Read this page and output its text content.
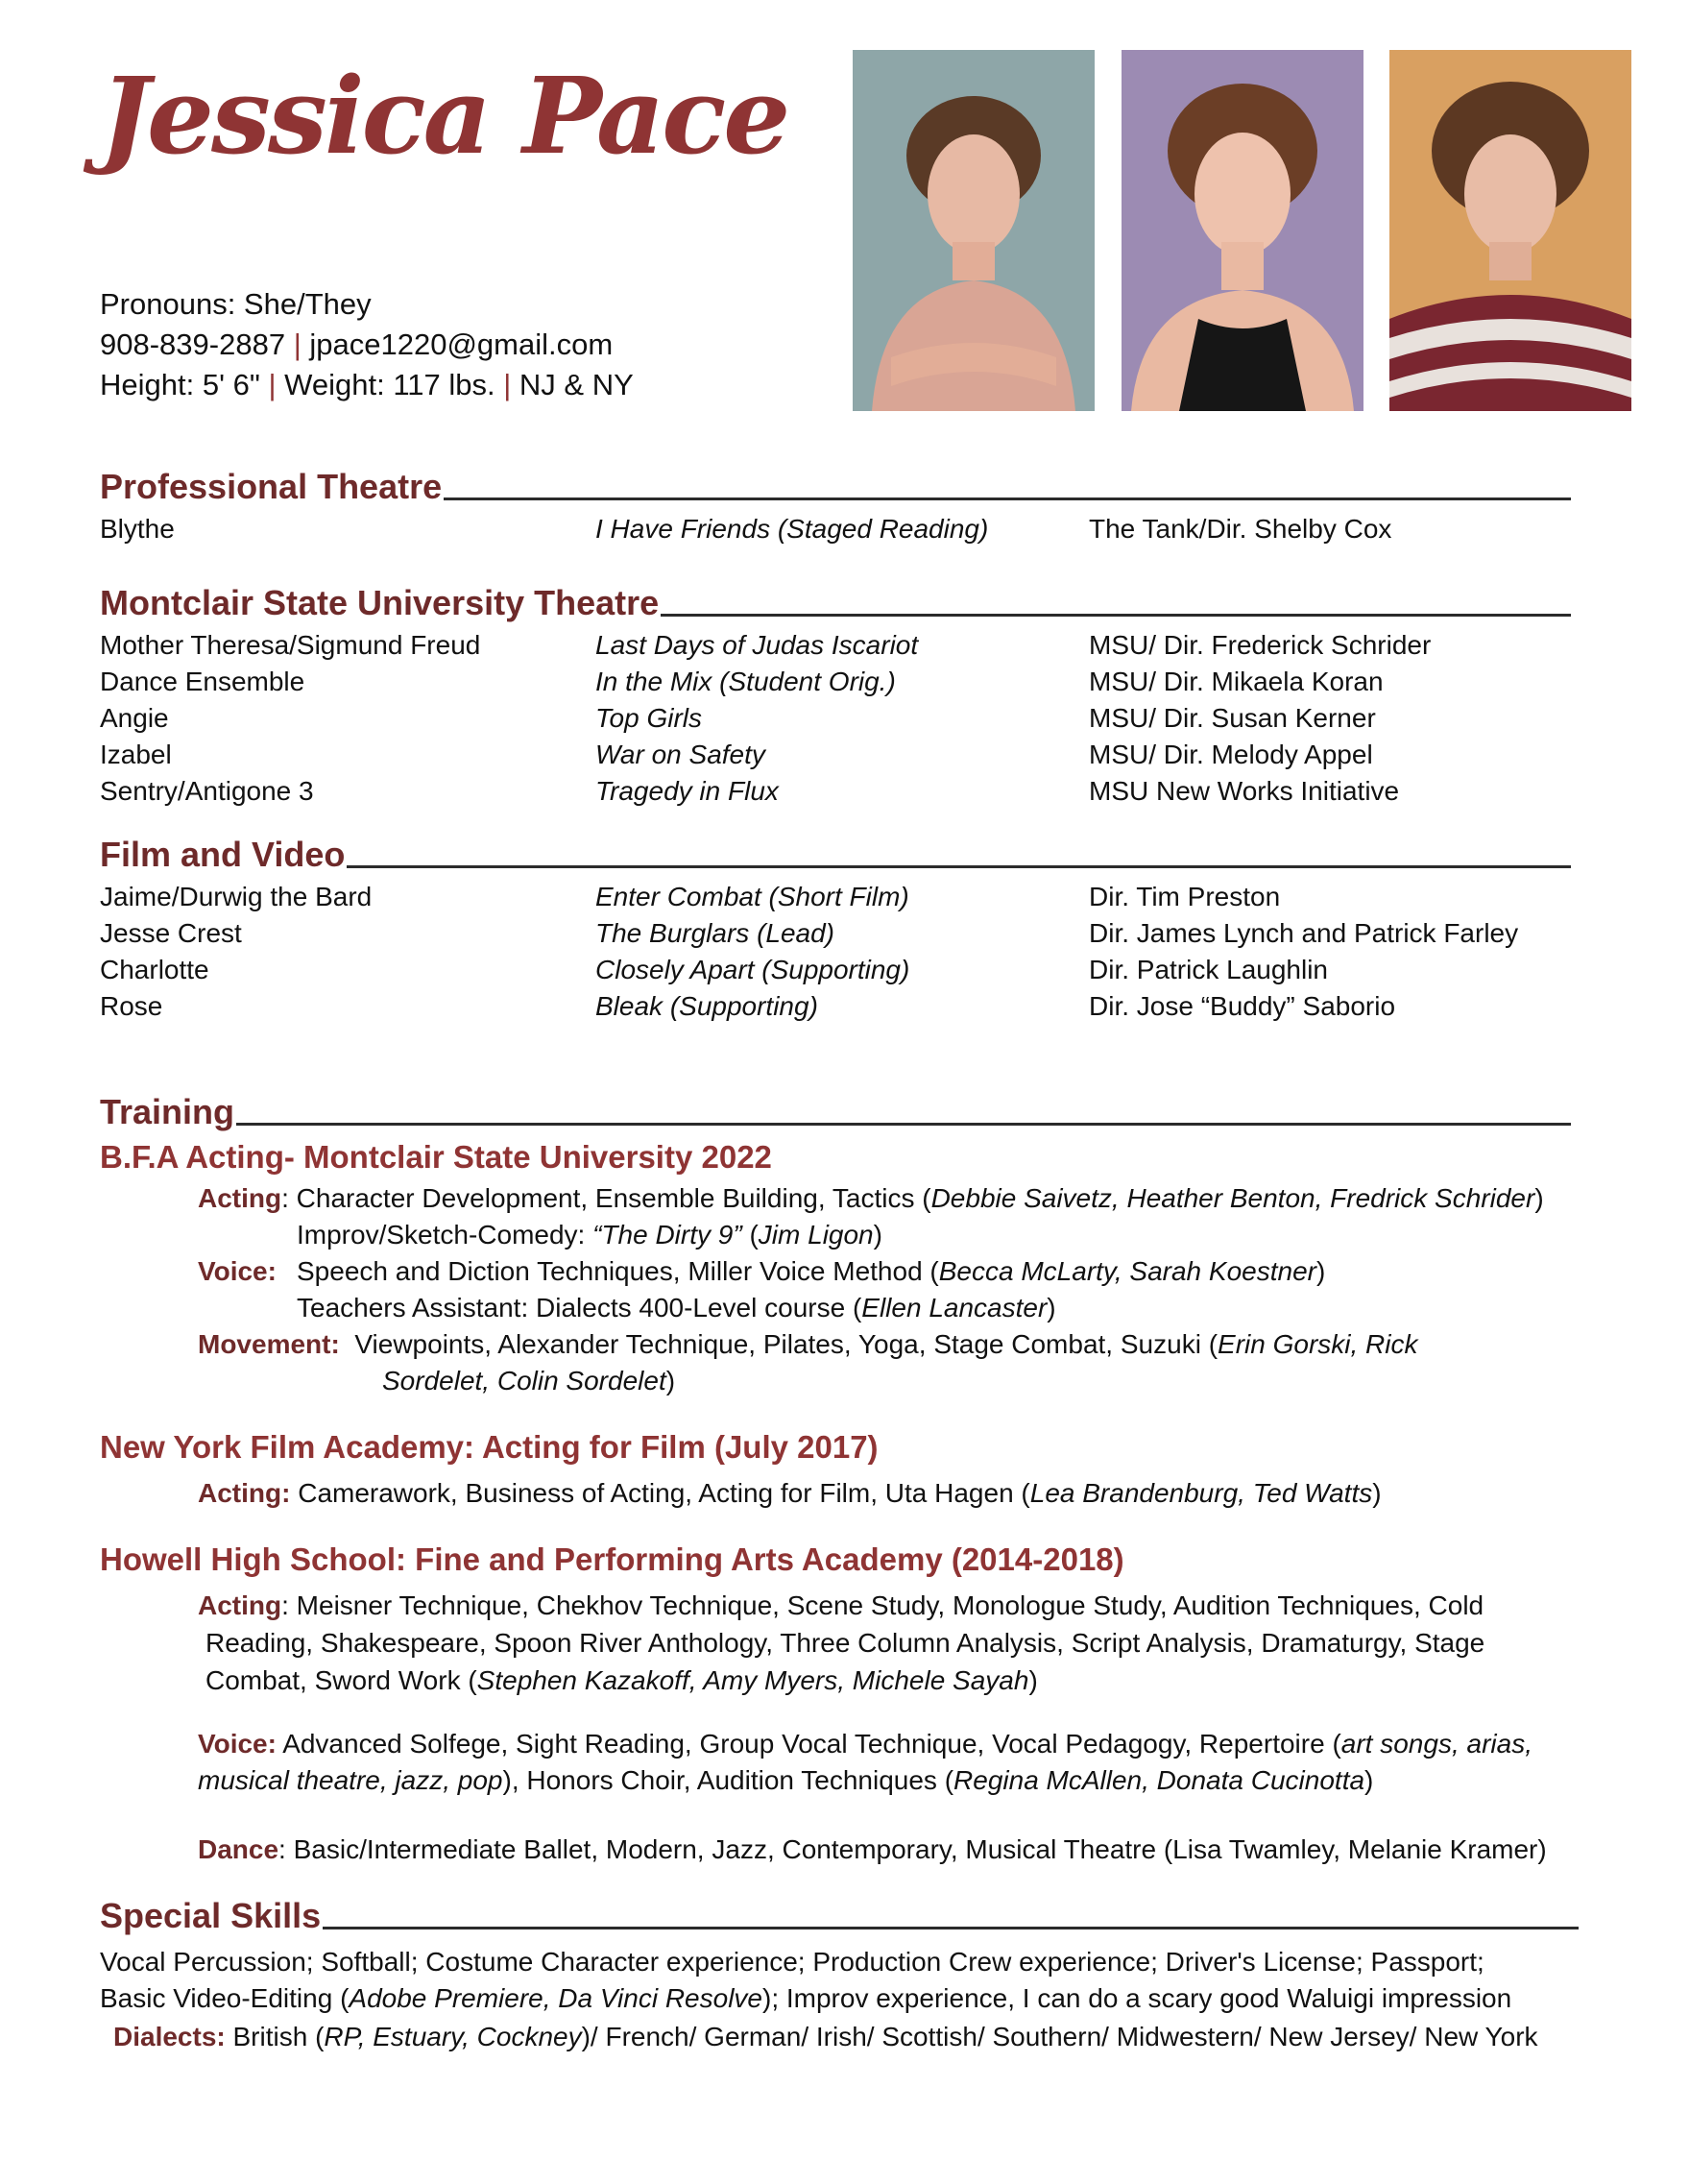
Jessica Pace
Pronouns: She/They
908-839-2887 | jpace1220@gmail.com
Height: 5' 6" | Weight: 117 lbs. | NJ & NY
Professional Theatre
Blythe	I Have Friends (Staged Reading)	The Tank/Dir. Shelby Cox
Montclair State University Theatre
Mother Theresa/Sigmund Freud	Last Days of Judas Iscariot	MSU/ Dir. Frederick Schrider
Dance Ensemble	In the Mix (Student Orig.)	MSU/ Dir. Mikaela Koran
Angie	Top Girls	MSU/ Dir. Susan Kerner
Izabel	War on Safety	MSU/ Dir. Melody Appel
Sentry/Antigone 3	Tragedy in Flux	MSU New Works Initiative
Film and Video
Jaime/Durwig the Bard	Enter Combat (Short Film)	Dir. Tim Preston
Jesse Crest	The Burglars (Lead)	Dir. James Lynch and Patrick Farley
Charlotte	Closely Apart (Supporting)	Dir. Patrick Laughlin
Rose	Bleak (Supporting)	Dir. Jose “Buddy” Saborio
Training
B.F.A Acting- Montclair State University 2022
Acting: Character Development, Ensemble Building, Tactics (Debbie Saivetz, Heather Benton, Fredrick Schrider)
Improv/Sketch-Comedy: “The Dirty 9” (Jim Ligon)
Voice: Speech and Diction Techniques, Miller Voice Method (Becca McLarty, Sarah Koestner)
Teachers Assistant: Dialects 400-Level course (Ellen Lancaster)
Movement: Viewpoints, Alexander Technique, Pilates, Yoga, Stage Combat, Suzuki (Erin Gorski, Rick
Sordelet, Colin Sordelet)
New York Film Academy: Acting for Film (July 2017)
Acting: Camerawork, Business of Acting, Acting for Film, Uta Hagen (Lea Brandenburg, Ted Watts)
Howell High School: Fine and Performing Arts Academy (2014-2018)
Acting: Meisner Technique, Chekhov Technique, Scene Study, Monologue Study, Audition Techniques, Cold
Reading, Shakespeare, Spoon River Anthology, Three Column Analysis, Script Analysis, Dramaturgy, Stage
Combat, Sword Work (Stephen Kazakoff, Amy Myers, Michele Sayah)
Voice: Advanced Solfege, Sight Reading, Group Vocal Technique, Vocal Pedagogy, Repertoire (art songs, arias,
musical theatre, jazz, pop), Honors Choir, Audition Techniques (Regina McAllen, Donata Cucinotta)
Dance: Basic/Intermediate Ballet, Modern, Jazz, Contemporary, Musical Theatre (Lisa Twamley, Melanie Kramer)
Special Skills
Vocal Percussion; Softball; Costume Character experience; Production Crew experience; Driver's License; Passport;
Basic Video-Editing (Adobe Premiere, Da Vinci Resolve); Improv experience, I can do a scary good Waluigi impression
Dialects: British (RP, Estuary, Cockney)/ French/ German/ Irish/ Scottish/ Southern/ Midwestern/ New Jersey/ New York
